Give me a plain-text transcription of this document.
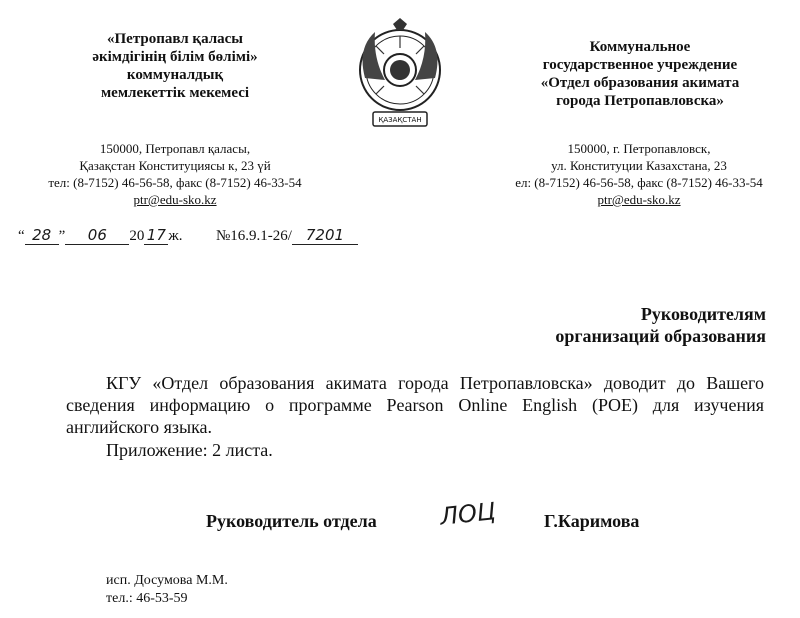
«Петропавл қаласы
әкімдігінің білім бөлімі»
коммуналдық
мемлекеттік мекемесі
150000, Петропавл қаласы,
Қазақстан Конституциясы к, 23 үй
тел: (8-7152) 46-56-58, факс (8-7152) 46-33-54
ptr@edu-sko.kz
ҚАЗАҚСТАН
Коммунальное
государственное учреждение
«Отдел образования акимата
города Петропавловска»
150000, г. Петропавловск,
ул. Конституции Казахстана, 23
ел: (8-7152) 46-56-58, факс (8-7152) 46-33-54
ptr@edu-sko.kz
“ 28 ” 06 20 17 ж. №16.9.1-26/ 7201
Руководителям
организаций образования
КГУ «Отдел образования акимата города Петропавловска» доводит до Вашего сведения информацию о программе Pearson Online English (POE) для изучения английского языка.
Приложение: 2 листа.
Руководитель отдела	ЛОЦ	Г.Каримова
исп. Досумова М.М.
тел.: 46-53-59
